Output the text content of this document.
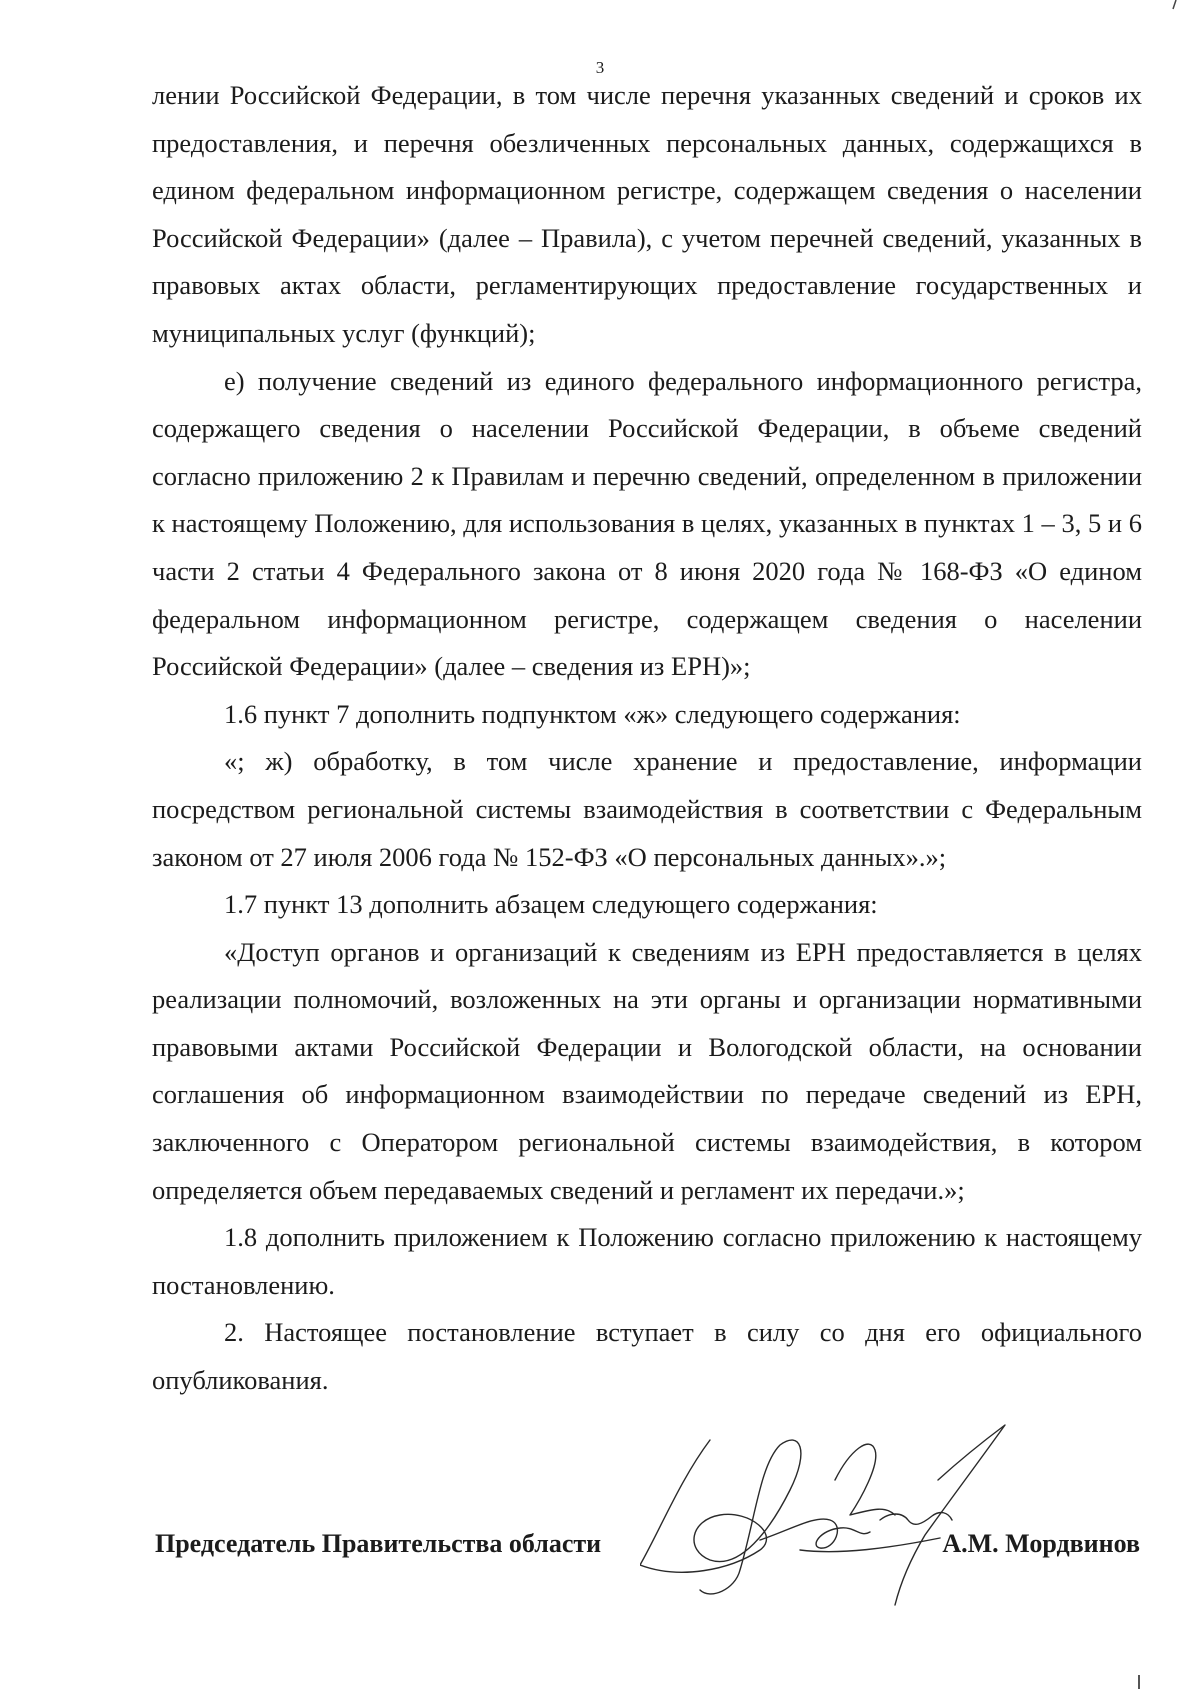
3

лении Российской Федерации, в том числе перечня указанных сведений и сроков их предоставления, и перечня обезличенных персональных данных, содержащихся в едином федеральном информационном регистре, содержащем сведения о населении Российской Федерации» (далее – Правила), с учетом перечней сведений, указанных в правовых актах области, регламентирующих предоставление государственных и муниципальных услуг (функций);

е) получение сведений из единого федерального информационного регистра, содержащего сведения о населении Российской Федерации, в объеме сведений согласно приложению 2 к Правилам и перечню сведений, определенном в приложении к настоящему Положению, для использования в целях, указанных в пунктах 1 – 3, 5 и 6 части 2 статьи 4 Федерального закона от 8 июня 2020 года № 168-ФЗ «О едином федеральном информационном регистре, содержащем сведения о населении Российской Федерации» (далее – сведения из ЕРН)»;

1.6 пункт 7 дополнить подпунктом «ж» следующего содержания:

«; ж) обработку, в том числе хранение и предоставление, информации посредством региональной системы взаимодействия в соответствии с Федеральным законом от 27 июля 2006 года № 152-ФЗ «О персональных данных».»;

1.7 пункт 13 дополнить абзацем следующего содержания:

«Доступ органов и организаций к сведениям из ЕРН предоставляется в целях реализации полномочий, возложенных на эти органы и организации нормативными правовыми актами Российской Федерации и Вологодской области, на основании соглашения об информационном взаимодействии по передаче сведений из ЕРН, заключенного с Оператором региональной системы взаимодействия, в котором определяется объем передаваемых сведений и регламент их передачи.»;

1.8 дополнить приложением к Положению согласно приложению к настоящему постановлению.

2. Настоящее постановление вступает в силу со дня его официального опубликования.

Председатель Правительства области	А.М. Мордвинов
